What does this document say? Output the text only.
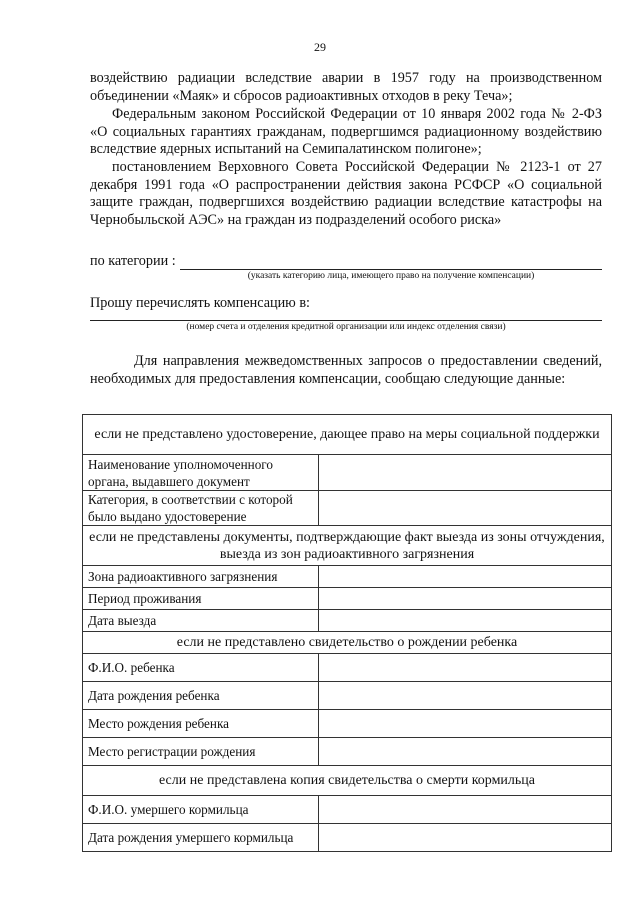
29
воздействию радиации вследствие аварии в 1957 году на производственном объединении «Маяк» и сбросов радиоактивных отходов в реку Теча»;
Федеральным законом Российской Федерации от 10 января 2002 года № 2-ФЗ «О социальных гарантиях гражданам, подвергшимся радиационному воздействию вследствие ядерных испытаний на Семипалатинском полигоне»;
постановлением Верховного Совета Российской Федерации № 2123-1 от 27 декабря 1991 года «О распространении действия закона РСФСР «О социальной защите граждан, подвергшихся воздействию радиации вследствие катастрофы на Чернобыльской АЭС» на граждан из подразделений особого риска»
по категории :
(указать категорию лица, имеющего право на получение компенсации)
Прошу перечислять компенсацию в:
(номер счета и отделения кредитной организации или индекс отделения связи)
Для направления межведомственных запросов о предоставлении сведений, необходимых для предоставления компенсации, сообщаю следующие данные:
если не представлено удостоверение, дающее право на меры социальной поддержки	
Наименование уполномоченного органа, выдавшего документ	
Категория, в соответствии с которой было выдано удостоверение	
если не представлены документы, подтверждающие факт выезда из зоны отчуждения, выезда из зон радиоактивного загрязнения	
Зона радиоактивного загрязнения	
Период проживания	
Дата выезда	
если не представлено свидетельство о рождении ребенка	
Ф.И.О. ребенка	
Дата рождения ребенка	
Место рождения ребенка	
Место регистрации рождения	
если не представлена копия свидетельства о смерти кормильца	
Ф.И.О. умершего кормильца	
Дата рождения умершего кормильца	
